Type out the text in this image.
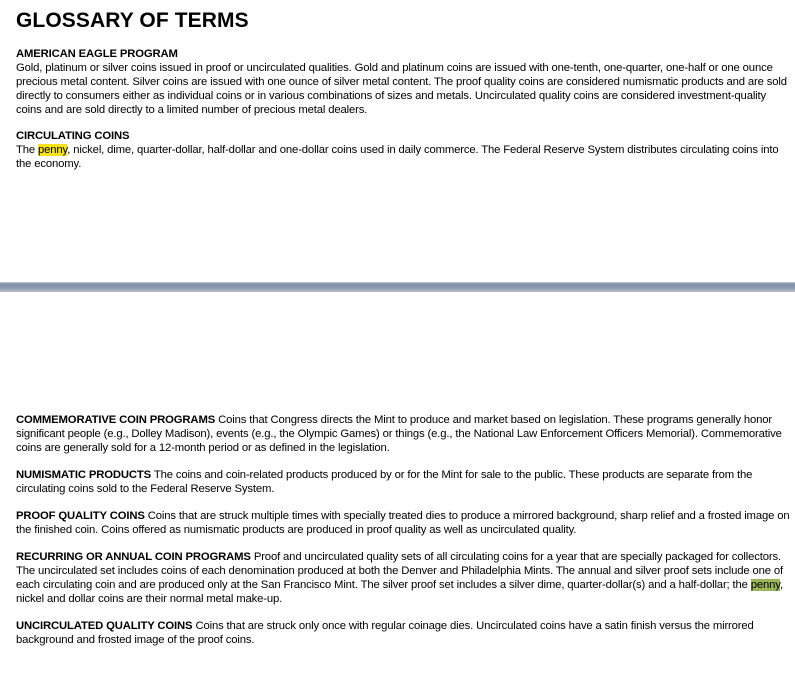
GLOSSARY OF TERMS
AMERICAN EAGLE PROGRAM
Gold, platinum or silver coins issued in proof or uncirculated qualities. Gold and platinum coins are issued with one-tenth, one-quarter, one-half or one ounce precious metal content. Silver coins are issued with one ounce of silver metal content. The proof quality coins are considered numismatic products and are sold directly to consumers either as individual coins or in various combinations of sizes and metals. Uncirculated quality coins are considered investment-quality coins and are sold directly to a limited number of precious metal dealers.
CIRCULATING COINS
The penny, nickel, dime, quarter-dollar, half-dollar and one-dollar coins used in daily commerce. The Federal Reserve System distributes circulating coins into the economy.
COMMEMORATIVE COIN PROGRAMS Coins that Congress directs the Mint to produce and market based on legislation. These programs generally honor significant people (e.g., Dolley Madison), events (e.g., the Olympic Games) or things (e.g., the National Law Enforcement Officers Memorial). Commemorative coins are generally sold for a 12-month period or as defined in the legislation.
NUMISMATIC PRODUCTS The coins and coin-related products produced by or for the Mint for sale to the public. These products are separate from the circulating coins sold to the Federal Reserve System.
PROOF QUALITY COINS Coins that are struck multiple times with specially treated dies to produce a mirrored background, sharp relief and a frosted image on the finished coin. Coins offered as numismatic products are produced in proof quality as well as uncirculated quality.
RECURRING OR ANNUAL COIN PROGRAMS Proof and uncirculated quality sets of all circulating coins for a year that are specially packaged for collectors. The uncirculated set includes coins of each denomination produced at both the Denver and Philadelphia Mints. The annual and silver proof sets include one of each circulating coin and are produced only at the San Francisco Mint. The silver proof set includes a silver dime, quarter-dollar(s) and a half-dollar; the penny, nickel and dollar coins are their normal metal make-up.
UNCIRCULATED QUALITY COINS Coins that are struck only once with regular coinage dies. Uncirculated coins have a satin finish versus the mirrored background and frosted image of the proof coins.
